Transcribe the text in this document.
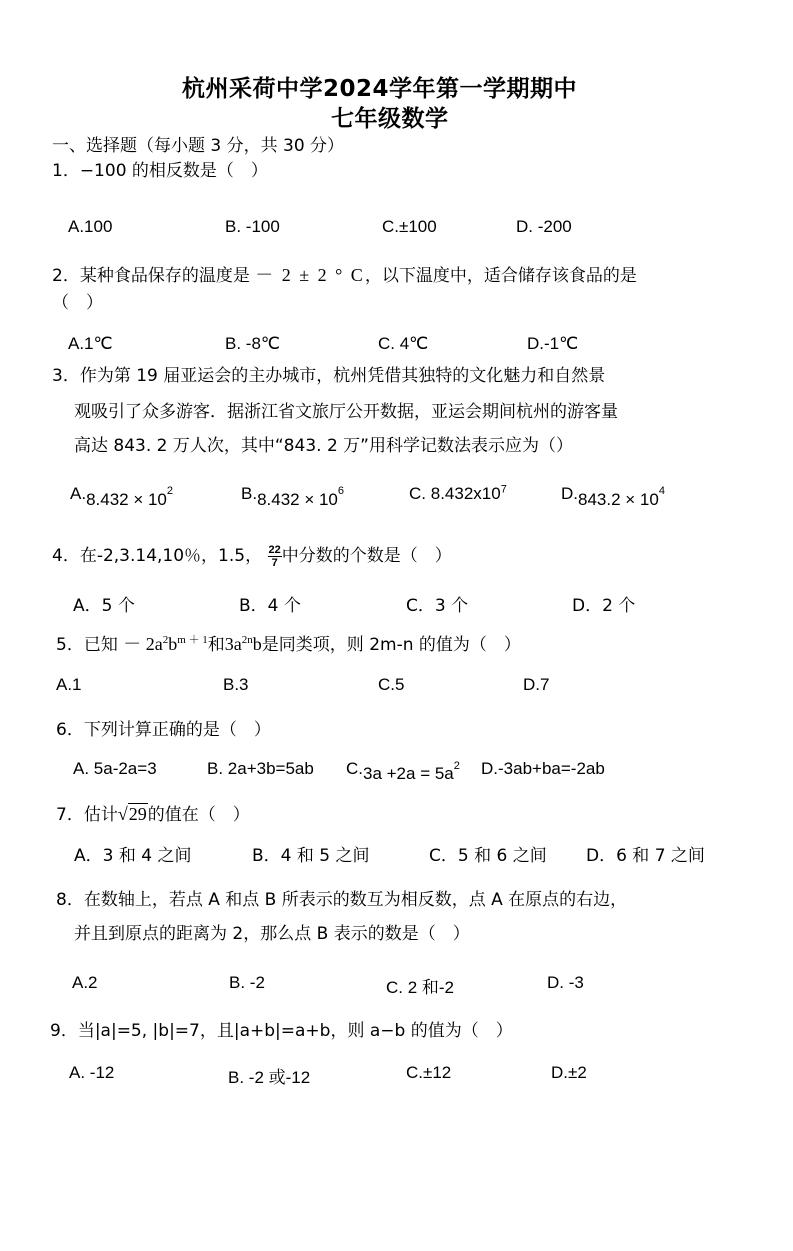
杭州采荷中学2024学年第一学期期中
七年级数学
一、选择题（每小题 3 分，共 30 分）
1．−100 的相反数是（　）
A.100	B. -100	C.±100	D. -200
2．某种食品保存的温度是 － 2 ± 2 ° C，以下温度中，适合储存该食品的是
（　）
A.1℃	B. -8℃	C. 4℃	D.-1℃
3．作为第 19 届亚运会的主办城市，杭州凭借其独特的文化魅力和自然景
观吸引了众多游客．据浙江省文旅厅公开数据，亚运会期间杭州的游客量
高达 843. 2 万人次，其中“843. 2 万”用科学记数法表示应为（）
$A.8.432 \times 10^2$	$B.8.432 \times 10^6$	C. $8.432x10^7$	$D.843.2 \times 10^4$
4．在-2,3.14,10％，1.5， $\frac{22}{7}$ 中分数的个数是（　）
A．5 个	B．4 个	C．3 个	D．2 个
5．已知 － $2a^2b^{m + 1}$和$3a^{2n}b$是同类项，则 2m-n 的值为（　）
A.1	B.3	C.5	D.7
6．下列计算正确的是（　）
A. 5a-2a=3	B. 2a+3b=5ab $C.3a +2a = 5a^2$ D.-3ab+ba=-2ab
7．估计√29的值在（　）
A．3 和 4 之间	B．4 和 5 之间	C．5 和 6 之间 D．6 和 7 之间
8．在数轴上，若点 A 和点 B 所表示的数互为相反数，点 A 在原点的右边，
并且到原点的距离为 2，那么点 B 表示的数是（　）
A.2	B. -2	C. 2 和-2	D. -3
9．当|a|=5, |b|=7，且|a+b|=a+b，则 a−b 的值为（　）
A. -12	B. -2 或-12	C.±12	D.±2
